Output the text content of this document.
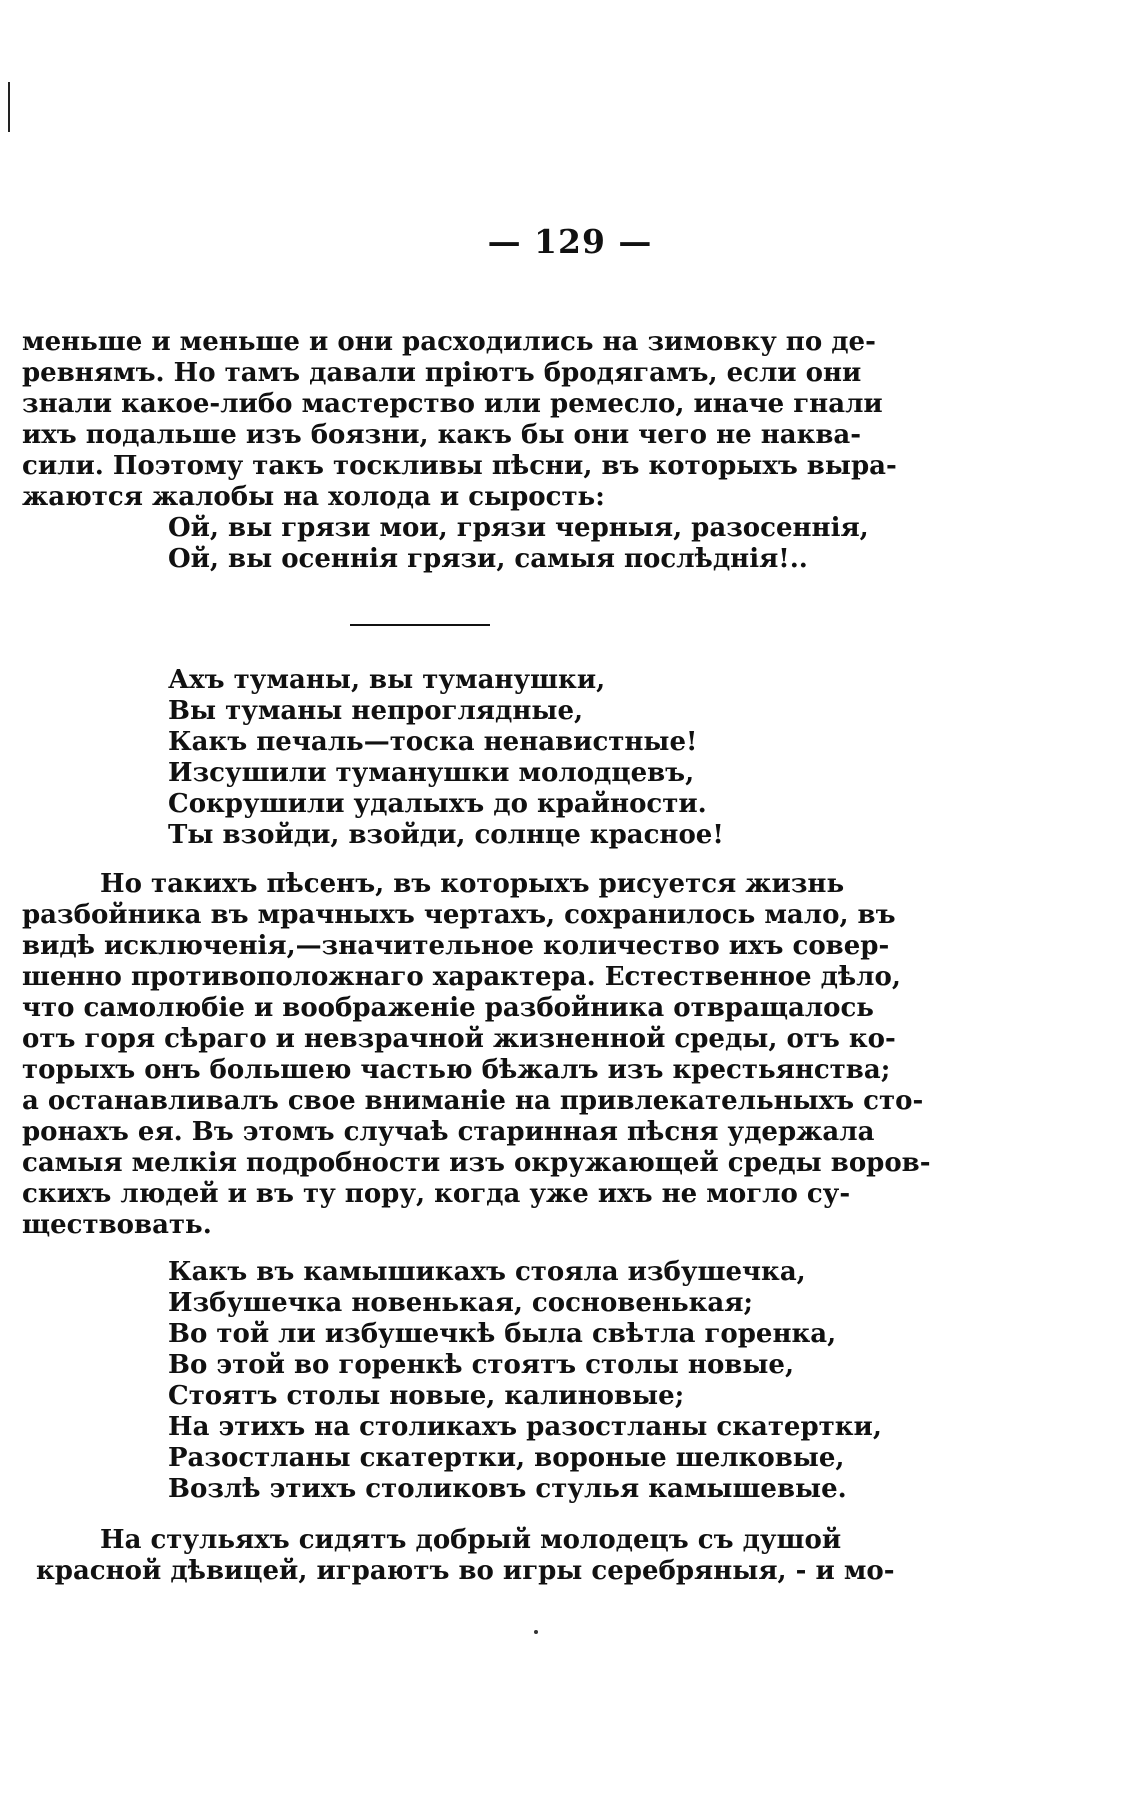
— 129 —
меньше и меньше и они расходились на зимовку по де-
ревнямъ. Но тамъ давали прiютъ бродягамъ, если они
знали какое-либо мастерство или ремесло, иначе гнали
ихъ подальше изъ боязни, какъ бы они чего не наква-
сили. Поэтому такъ тоскливы пѣсни, въ которыхъ выра-
жаются жалобы на холода и сырость:
Ой, вы грязи мои, грязи черныя, разосеннiя,
Ой, вы осеннiя грязи, самыя послѣднiя!..
Ахъ туманы, вы туманушки,
Вы туманы непроглядные,
Какъ печаль—тоска ненавистные!
Изсушили туманушки молодцевъ,
Сокрушили удалыхъ до крайности.
Ты взойди, взойди, солнце красное!
Но такихъ пѣсенъ, въ которыхъ рисуется жизнь
разбойника въ мрачныхъ чертахъ, сохранилось мало, въ
видѣ исключенiя,—значительное количество ихъ совер-
шенно противоположнаго характера. Естественное дѣло,
что самолюбiе и воображенiе разбойника отвращалось
отъ горя сѣраго и невзрачной жизненной среды, отъ ко-
торыхъ онъ большею частью бѣжалъ изъ крестьянства;
а останавливалъ свое вниманiе на привлекательныхъ сто-
ронахъ ея. Въ этомъ случаѣ старинная пѣсня удержала
самыя мелкiя подробности изъ окружающей среды воров-
скихъ людей и въ ту пору, когда уже ихъ не могло су-
ществовать.
Какъ въ камышикахъ стояла избушечка,
Избушечка новенькая, сосновенькая;
Во той ли избушечкѣ была свѣтла горенка,
Во этой во горенкѣ стоятъ столы новые,
Стоятъ столы новые, калиновые;
На этихъ на столикахъ разостланы скатертки,
Разостланы скатертки, вороные шелковые,
Возлѣ этихъ столиковъ стулья камышевые.
На стульяхъ сидятъ добрый молодецъ съ душой
красной дѣвицей, играютъ во игры серебряныя, - и мо-
